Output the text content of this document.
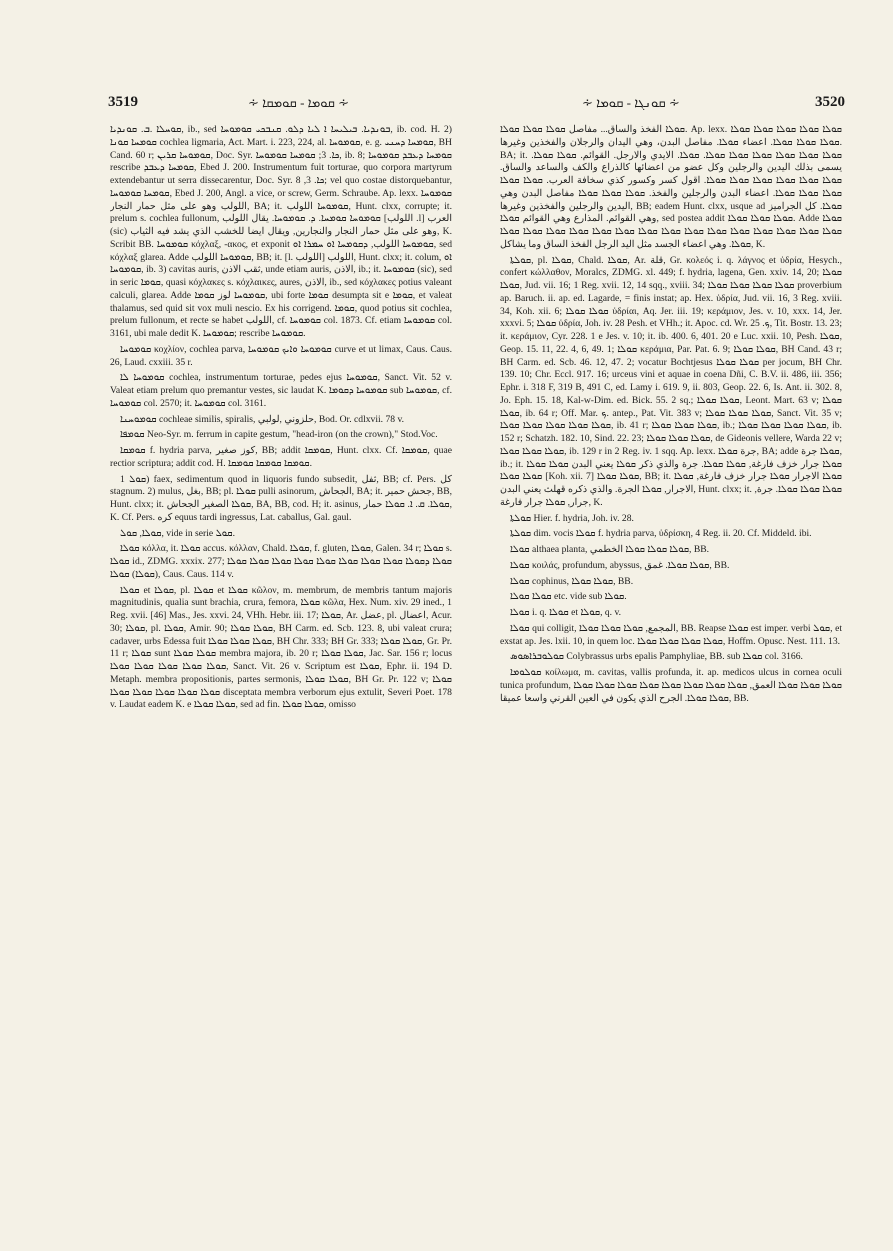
3519	∻ ܩܘܡܐ - ܩܘܡܩܐ ∻	∻ ܩܘܢܓܐ - ܩܘܡܐ ∻	3520

ܩܘܚܠܐ .ܒ. ܩܘܢܕܝܐ, ib., sed ܒܘܢܕܝܐ. ܒܝܠܝܚܐ ܐ ܠܝܐ ܕܠܘ.‏ ܩܢܒܟܝ ܩܘܡܘܚܐ, ib. cod. H. 2) ܩܘܡܚܐ ܩܘܢܐ cochlea ligmaria, Act. Mart. i. 223, 224, al. ܩܘܡܘܚܐ, e. g. ܩܘܡܚܐ ܕܚܢܝ, BH Cand. 60 r; ܩܘܡܘܚܐ ܩܪܝܢ, Doc. Syr. ܟܐ. 3; ܩܘܡܚܐ ܩܘܡܘܚܐ, ib. 8; ܩܘܡܚܐ ܕܥܒܕ ܩܘܡܘܚܐ rescribe ܩܘܡܚܐ ܕܥܒܕ, Ebed J. 200. Instrumentum fuit torturae, quo corpora martyrum extendebantur ut serra dissecarentur, Doc. Syr. ܟܐ. 3, 8; vel quo costae distorquebantur, ܩܘܡܚܐ ܩܘܡܘܚܐ, Ebed J. 200, Angl. a vice, or screw, Germ. Schraube. Ap. lexx. ܩܘܡܘܚܐ اللولب وهو على مثل حمار النجار, BA; it. ܩܘܡܘܚܐ اللولب, Hunt. clxx, corrupte; it. prelum s. cochlea fullonum, ܩܘܡܘܚܐ ܩܘܡܚܐ. ܕ. ܩܘܡܘܚܐ. يقال اللولب [اللولب .l] العرب (sic) وهو على مثل حمار النجار والنجارين, ويقال ايضا للخشب الذي يشد فيه الثياب, K. Scribit BB. ܩܘܡܘܚܐ κόχλαξ, -ακος, et exponit ܩܘܡܘܚܐ اللولب, ܕܩܘܡܚܐ ܐܘ ܚܡܪܐ ܐܘ, sed κόχλαξ glarea. Adde ܩܘܡܘܚܐ اللولب, BB; it. [l. اللولب] اللولب, Hunt. clxx; it. colum, ܐܘ ܩܘܡܘܚܐ, ib. 3) cavitas auris, ثقب الاذن, unde etiam auris, الاذن, ib.; it. ܩܘܡܘܚܐ (sic), sed in seric ܩܘܡܐ, quasi κόχλακες s. κόχλαικες, aures, الاذن, ib., sed κόχλακες potius valeant calculi, glarea. Adde ܩܘܡܘܚܐ لوز ܩܘܡܐ, ubi forte ܩܘܡܐ desumpta sit e ܩܘܡܐ, et valeat thalamus, sed quid sit vox muli nescio. Ex his corrigend. ܩܘܡܐ, quod potius sit cochlea, prelum fullonum, et recte se habet اللولب, cf. ܩܘܡܘܚܐ col. 1873. Cf. etiam ܩܘܡܘܚܐ col. 3161, ubi male dedit K. ܩܘܡܘܚܐ; rescribe ܩܘܡܘܚܐ.

ܩܘܡܘܚܐ κοχλίον, cochlea parva, ܩܘܡܘܚܐ ܘܐܝܟ ܩܘܡܘܚܐ curve et ut limax, Caus. Caus. 26, Laud. cxxiii. 35 r.

ܩܘܡܘܚܐ ܠܐ cochlea, instrumentum torturae, pedes ejus ܩܘܡܘܚܐ, Sanct. Vit. 52 v. Valeat etiam prelum quo premantur vestes, sic laudat K. ܩܘܡܘܚܐ ܕܩܘܡܐ sub ܩܘܡܘܚܐ, cf. ܩܘܡܘܚܐ col. 2570; it. ܩܘܡܘܚܐ col. 3161.

ܩܘܡܘܚܢܐ cochleae similis, spiralis, حلزوني ,لولبي, Bod. Or. cdlxvii. 78 v.

ܩܘܡܦܐ Neo-Syr. m. ferrum in capite gestum, "head-iron (on the crown)," Stod.Voc.

ܩܘܡܩܐ f. hydria parva, كوز صغير, BB; addit ܩܘܡܩܐ, Hunt. clxx. Cf. ܩܘܡܩܐ, quae rectior scriptura; addit cod. H. ܩܘܡܩܐ ܩܘܡܩܐ ܩܘܡܩܐ.

ܩܘܠ 1) faex, sedimentum quod in liquoris fundo subsedit, ثفل, BB; cf. Pers. كل stagnum. 2) mulus, بغل, BB; pl. ܩܘܠܐ pulli asinorum, الجحاش, BA; it. جحش حمير, BB, Hunt. clxx; it. ܩܘܠܐ الصغير الجحاش, BA, BB, cod. H; it. asinus, ܩܘܠܐ. ܩ. ܐ. ܩܘܠܐ حمار, K. Cf. Pers. كره equus tardi ingressus, Lat. caballus, Gal. gaul.

ܩܘܠܐ, ܩܘܠ, vide in serie ܩܘܠ.

ܩܘܠܐ κόλλα, it. ܩܘܠܐ accus. κόλλαν, Chald. ܩܘܠܐ, f. gluten, ܩܘܠܐ, Galen. 34 r; ܩܘܠܐ s. ܩܘܠܐ id., ZDMG. xxxix. 277; ܩܘܠܐ ܕܩܘܠܐ ܩܘܠܐ ܩܘܠܐ ܩܘܠܐ ܩܘܠܐ ܩܘܠܐ ܩܘܠܐ ܩܘܠܐ ܩܘܠܐ (ܩܘܠܐ) ܩܘܠܐ, Caus. Caus. 114 v.

ܩܘܠܐ et ܩܘܠܐ, pl. ܩܘܠܐ et ܩܘܠܐ κῶλον, m. membrum, de membris tantum majoris magnitudinis, qualia sunt brachia, crura, femora, ܩܘܠܐ κῶλα, Hex. Num. xiv. 29 ined., 1 Reg. xvii. [46] Mas., Jes. xxvi. 24, VHh. Hebr. iii. 17; ܩܘܠܐ, Ar. عضل, pl. اعضال, Acur. 30; ܩܘܠܐ, pl. ܩܘܠܐ, Amir. 90; ܩܘܠܐ ܩܘܠܐ, BH Carm. ed. Scb. 123. 8, ubi valeat crura; cadaver, urbs Edessa fuit ܩܘܠܐ ܩܘܠܐ ܩܘܠܐ, BH Chr. 333; BH Gr. 333; ܩܘܠܐ ܩܘܠܐ, Gr. Pr. 11 r; ܩܘܠܐ sunt ܩܘܠܐ ܩܘܠܐ membra majora, ib. 20 r; ܩܘܠܐ ܩܘܠܐ, Jac. Sar. 156 r; locus ܩܘܠܐ ܩܘܠܐ ܩܘܠܐ ܩܘܠܐ ܩܘܠܐ, Sanct. Vit. 26 v. Scriptum est ܩܘܠܐ, Ephr. ii. 194 D. Metaph. membra propositionis, partes sermonis, ܩܘܠܐ ܩܘܠܐ, BH Gr. Pr. 122 v; ܩܘܠܐ ܩܘܠܐ ܩܘܠܐ ܩܘܠܐ ܩܘܠܐ ܩܘܠܐ disceptata membra verborum ejus extulit, Severi Poet. 178 v. Laudat eadem K. e ܩܘܠܐ ܩܘܠܐ, sed ad fin. ܩܘܠܐ ܩܘܠܐ, omisso

ܩܘܠܐ الفخذ والساق... مفاصل ܩܘܠܐ ܩܘܠܐ ܩܘܠܐ. Ap. lexx. ܩܘܠܐ ܩܘܠܐ ܩܘܠܐ ܩܘܠܐ ܩܘܠܐ ܩܘܠܐ ܩܘܠܐ ܩܘܠܐ. اعضاء ܩܘܠܐ. مفاصل البدن، وهي اليدان والرجلان والفخذين وغيرها. BA; it. ܩܘܠܐ ܩܘܠܐ ܩܘܠܐ ܩܘܠܐ ܩܘܠܐ ܩܘܠܐ. ܩܘܠܐ. الايدي والارجل. القوائم. ܩܘܠܐ ܩܘܠܐ. يسمى بذلك اليدين والرجلين وكل عضو من اعضائها كالذراع والكف والساعد والساق. ܩܘܠܐ ܩܘܠܐ ܩܘܠܐ ܩܘܠܐ ܩܘܠܐ ܩܘܠܐ. اقول كسر وكسور كذي سخافة العرب. ܩܘܠܐ ܩܘܠܐ ܩܘܠܐ ܩܘܠܐ ܩܘܠܐ. اعضاء البدن والرجلين والفخذ. ܩܘܠܐ ܩܘܠܐ ܩܘܠܐ مفاصل البدن وهي اليدين والرجلين والفخذين وغيرها, BB; eadem Hunt. clxx, usque ad ܩܘܠܐ. كل الجراميز وهي القوائم. المذارع وهي القوائم ܩܘܠܐ, sed postea addit ܩܘܠܐ ܩܘܠܐ ܩܘܠܐ. Adde ܩܘܠܐ ܩܘܠܐ ܩܘܠܐ ܩܘܠܐ ܩܘܠܐ ܩܘܠܐ ܩܘܠܐ ܩܘܠܐ ܩܘܠܐ ܩܘܠܐ ܩܘܠܐ ܩܘܠܐ ܩܘܠܐ ܩܘܠܐ ܩܘܠܐ ܩܘܠܐ ܩܘܠܐ. وهي اعضاء الجسد مثل اليد الرجل الفخذ الساق وما يشاكل, K.

ܩܘܠܬܐ, pl. ܩܘܠܐ, Chald. ܩܘܠܐ, Ar. قلة, Gr. κολεός i. q. λάγνος et ὑδρία, Hesych., confert κώλλαθον, Moralcs, ZDMG. xl. 449; f. hydria, lagena, Gen. xxiv. 14, 20; ܩܘܠܐ ܩܘܠܐ, Jud. vii. 16; 1 Reg. xvii. 12, 14 sqq., xviii. 34; ܩܘܠܐ ܩܘܠܐ ܩܘܠܐ ܩܘܠܐ proverbium ap. Baruch. ii. ap. ed. Lagarde, = finis instat; ap. Hex. ὑδρία, Jud. vii. 16, 3 Reg. xviii. 34, Koh. xii. 6; ܩܘܠܐ ܩܘܠܐ ὑδρίαι, Aq. Jer. iii. 19; κεράμιον, Jes. v. 10, xxx. 14, Jer. xxxvi. 5; ܩܘܠܐ ὑδρία, Joh. iv. 28 Pesh. et VHh.; it. Apoc. cd. Wr. ܟ. 25, Tit. Bostr. 13. 23; it. κεράμιον, Cyr. 228. 1 e Jes. v. 10; it. ib. 400. 6, 401. 20 e Luc. xxii. 10, Pesh. ܩܘܠܐ, Geop. 15. 11, 22. 4, 6, 49. 1; ܩܘܠܐ κεράμια, Par. Pat. 6. 9; ܩܘܠܐ ܩܘܠܐ, BH Cand. 43 r; BH Carm. ed. Scb. 46. 12, 47. 2; vocatur Bochtjesus ܩܘܠܐ ܩܘܠܐ per jocum, BH Chr. 139. 10; Chr. Eccl. 917. 16; urceus vini et aquae in coena Dñi, C. B.V. ii. 486, iii. 356; Ephr. i. 318 F, 319 B, 491 C, ed. Lamy i. 619. 9, ii. 803, Geop. 22. 6, Is. Ant. ii. 302. 8, Jo. Eph. 15. 18, Kal-w-Dim. ed. Bick. 55. 2 sq.; ܩܘܠܐ ܩܘܠܐ, Leont. Mart. 63 v; ܩܘܠܐ ܩܘܠܐ, ib. 64 r; Off. Mar. ܟ. antep., Pat. Vit. 383 v; ܩܘܠܐ ܩܘܠܐ ܩܘܠܐ, Sanct. Vit. 35 v; ܩܘܠܐ ܩܘܠܐ ܩܘܠܐ ܩܘܠܐ ܩܘܠܐ, ib. 41 r; ܩܘܠܐ ܩܘܠܐ ܩܘܠܐ, ib.; ܩܘܠܐ ܩܘܠܐ ܩܘܠܐ ܩܘܠܐ, ib. 152 r; Schatzh. 182. 10, Sind. 22. 23; ܩܘܠܐ ܩܘܠܐ ܩܘܠܐ, de Gideonis vellere, Warda 22 v; ܩܘܠܐ ܩܘܠܐ ܩܘܠܐ, ib. 129 r in 2 Reg. iv. 1 sqq. Ap. lexx. جرة ܩܘܠܐ, BA; adde ܩܘܠܐ جرة, ib.; it. ܩܘܠܐ جرار خزف فارغة, ܩܘܠܐ ܩܘܠܐ. جرة والذي ذكر ܩܘܠܐ يعني البدن ܩܘܠܐ ܩܘܠܐ ܩܘܠܐ ܩܘܠܐ [Koh. xii. 7] ܩܘܠܐ ܩܘܠܐ, BB; it. ܩܘܠܐ الاجرار ܩܘܠܐ جرار خزف فارغة, ܩܘܠܐ الاجرار, ܩܘܠܐ الجرة. والذي ذكره قهلث يعني البدن, Hunt. clxx; it. ܩܘܠܐ ܩܘܠܐ ܩܘܠܐ. جرة, جرار, ܩܘܠܐ جرار فارغة, K.

ܩܘܠܬܐ Hier. f. hydria, Joh. iv. 28.

ܩܘܠܬܐ dim. vocis ܩܘܠܐ f. hydria parva, ὑδρίσκη, 4 Reg. ii. 20. Cf. Middeld. ibi.

ܩܘܠܐ althaea planta, ܩܘܠܐ ܩܘܠܐ ܩܘܠܐ الخطمي, BB.

ܩܘܠܐ κοιλάς, profundum, abyssus, ܩܘܠܐ ܩܘܠܐ. غمق, BB.

ܩܘܠܐ cophinus, ܩܘܠܐ ܩܘܠܐ, BB.

ܩܘܠܐ ܩܘܠܐ etc. vide sub ܩܘܠܐ.

ܩܘܠܐ i. q. ܩܘܠܐ et ܩܘܠܐ, q. v.

ܩܘܠܐ qui colligit, المجمع, ܩܘܠܐ ܩܘܠܐ ܩܘܠܐ, BB. Reapse ܩܘܠܐ est imper. verbi ܩܘܠ, et exstat ap. Jes. lxii. 10, in quem loc. ܩܘܠܐ ܩܘܠܐ ܩܘܠܐ ܩܘܠܐ, Hoffm. Opusc. Nest. 111. 13.

ܩܘܠܘܒܪܐܣܘܣ Colybrassus urbs epalis Pamphyliae, BB. sub ܩܘܠܐ col. 3166.

ܩܘܠܘܡܐ κοίλωμα, m. cavitas, vallis profunda, it. ap. medicos ulcus in cornea oculi tunica profundum, ܩܘܠܐ ܩܘܠܐ ܩܘܠܐ العمق, ܩܘܠܐ ܩܘܠܐ ܩܘܠܐ ܩܘܠܐ ܩܘܠܐ ܩܘܠܐ ܩܘܠܐ ܩܘܠܐ ܩܘܠܐ ܩܘܠܐ. الجرح الذي يكون في العين القرني واسعا عميقا, BB.
